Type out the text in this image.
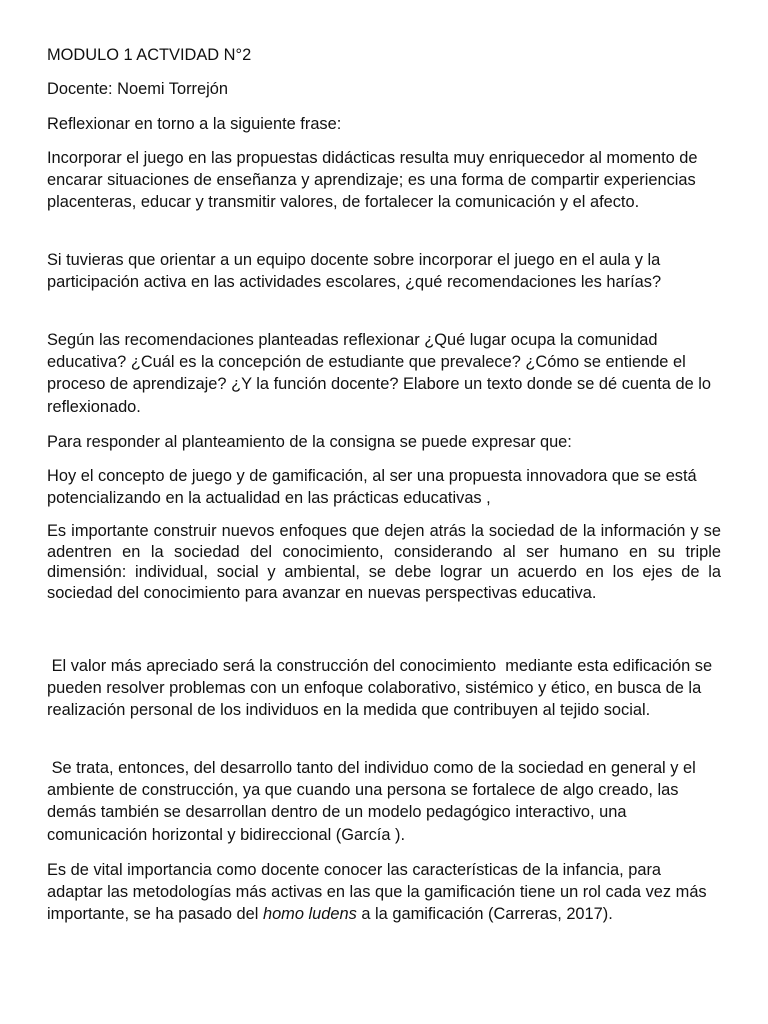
MODULO 1 ACTVIDAD N°2

Docente: Noemi Torrejón

Reflexionar en torno a la siguiente frase:

Incorporar el juego en las propuestas didácticas resulta muy enriquecedor al momento de encarar situaciones de enseñanza y aprendizaje; es una forma de compartir experiencias placenteras, educar y transmitir valores, de fortalecer la comunicación y el afecto.

Si tuvieras que orientar a un equipo docente sobre incorporar el juego en el aula y la participación activa en las actividades escolares, ¿qué recomendaciones les harías?

Según las recomendaciones planteadas reflexionar ¿Qué lugar ocupa la comunidad educativa? ¿Cuál es la concepción de estudiante que prevalece? ¿Cómo se entiende el proceso de aprendizaje? ¿Y la función docente? Elabore un texto donde se dé cuenta de lo reflexionado.

Para responder al planteamiento de la consigna se puede expresar que:

Hoy el concepto de juego y de gamificación, al ser una propuesta innovadora que se está potencializando en la actualidad en las prácticas educativas ,

Es importante construir nuevos enfoques que dejen atrás la sociedad de la información y se adentren en la sociedad del conocimiento, considerando al ser humano en su triple dimensión: individual, social y ambiental, se debe lograr un acuerdo en los ejes de la sociedad del conocimiento para avanzar en nuevas perspectivas educativa.

El valor más apreciado será la construcción del conocimiento  mediante esta edificación se pueden resolver problemas con un enfoque colaborativo, sistémico y ético, en busca de la realización personal de los individuos en la medida que contribuyen al tejido social.

Se trata, entonces, del desarrollo tanto del individuo como de la sociedad en general y el ambiente de construcción, ya que cuando una persona se fortalece de algo creado, las demás también se desarrollan dentro de un modelo pedagógico interactivo, una comunicación horizontal y bidireccional (García ).

Es de vital importancia como docente conocer las características de la infancia, para adaptar las metodologías más activas en las que la gamificación tiene un rol cada vez más importante, se ha pasado del homo ludens a la gamificación (Carreras, 2017).
